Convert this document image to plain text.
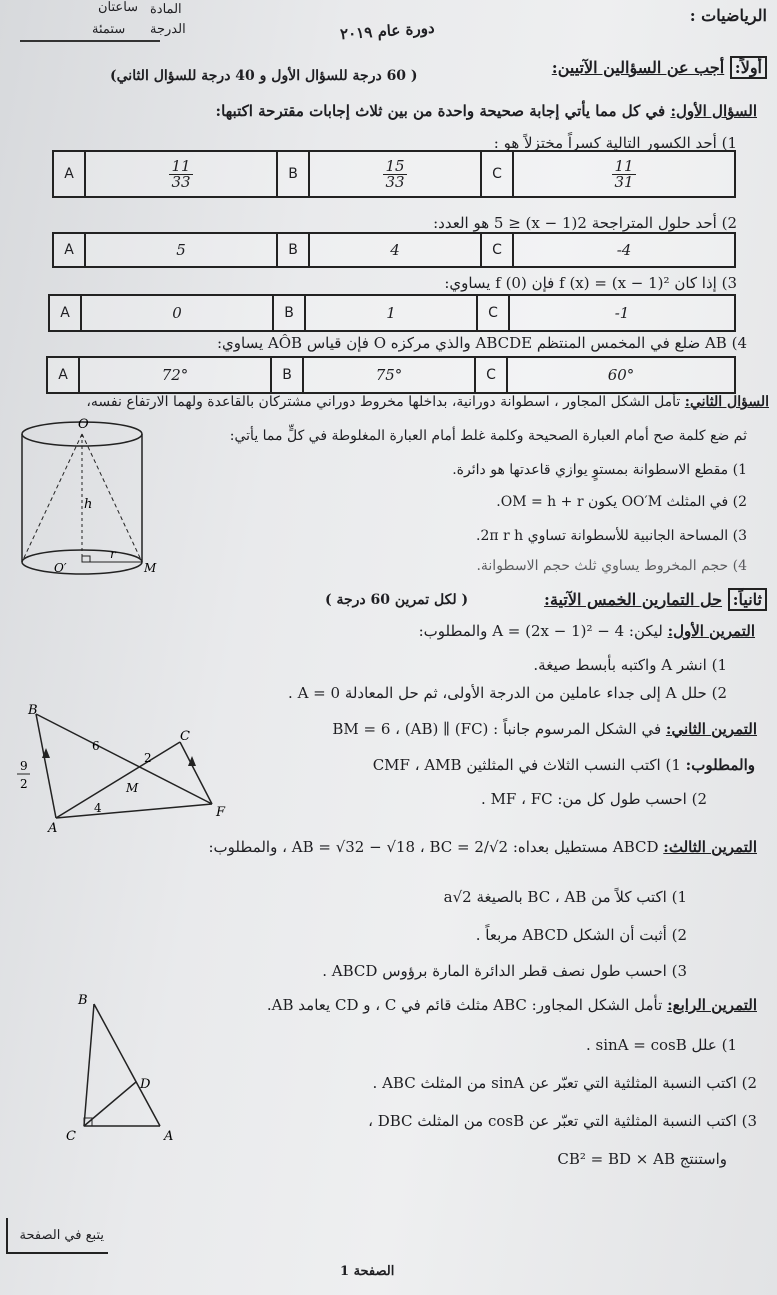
الرياضيات :
دورة عام ٢٠١٩
المادة
ساعتان
الدرجة
ستمئة
أولاً: أجب عن السؤالين الآتيين:
( 60 درجة للسؤال الأول و 40 درجة للسؤال الثاني)
السؤال الأول: في كل مما يأتي إجابة صحيحة واحدة من بين ثلاث إجابات مقترحة اكتبها:
1) أحد الكسور التالية كسراً مختزلاً هو :
A	$\frac{11}{33}$	B	$\frac{15}{33}$	C	$\frac{11}{31}$
2) أحد حلول المتراجحة 2(x − 1) ≤ 5 هو العدد:
A	5	B	4	C	-4
3) إذا كان f (x) = (x − 1)² فإن f (0) يساوي:
A	0	B	1	C	-1
4) AB ضلع في المخمس المنتظم ABCDE والذي مركزه O فإن قياس AÔB يساوي:
A	72°	B	75°	C	60°
السؤال الثاني: تأمل الشكل المجاور ، اسطوانة دورانية، بداخلها مخروط دوراني مشتركان بالقاعدة ولهما الارتفاع نفسه،
ثم ضع كلمة صح أمام العبارة الصحيحة وكلمة غلط أمام العبارة المغلوطة في كلٍّ مما يأتي:
1) مقطع الاسطوانة بمستوٍ يوازي قاعدتها هو دائرة.
2) في المثلث OO′M يكون OM = h + r.
3) المساحة الجانبية للأسطوانة تساوي 2π r h.
4) حجم المخروط يساوي ثلث حجم الاسطوانة.
O
h
O′
r
M
ثانياً: حل التمارين الخمس الآتية:
( لكل تمرين 60 درجة )
التمرين الأول: ليكن: A = (2x − 1)² − 4 والمطلوب:
1) انشر A واكتبه بأبسط صيغة.
2) حلل A إلى جداء عاملين من الدرجة الأولى، ثم حل المعادلة A = 0 .
التمرين الثاني: في الشكل المرسوم جانباً : (FC) ∥ (AB) ، BM = 6
والمطلوب: 1) اكتب النسب الثلاث في المثلثين CMF ، AMB
2) احسب طول كل من: MF ، FC .
B
C
M
A
F
6
2
4
9
2
التمرين الثالث: ABCD مستطيل بعداه: AB = √32 − √18 ، BC = 2/√2 ، والمطلوب:
1) اكتب كلاً من BC ، AB بالصيغة a√2
2) أثبت أن الشكل ABCD مربعاً .
3) احسب طول نصف قطر الدائرة المارة برؤوس ABCD .
التمرين الرابع: تأمل الشكل المجاور: ABC مثلث قائم في C ، و CD يعامد AB.
1) علل sinA = cosB .
2) اكتب النسبة المثلثية التي تعبّر عن sinA من المثلث ABC .
3) اكتب النسبة المثلثية التي تعبّر عن cosB من المثلث DBC ،
واستنتج CB² = BD × AB
B
D
C	A
يتبع في الصفحة
الصفحة 1
